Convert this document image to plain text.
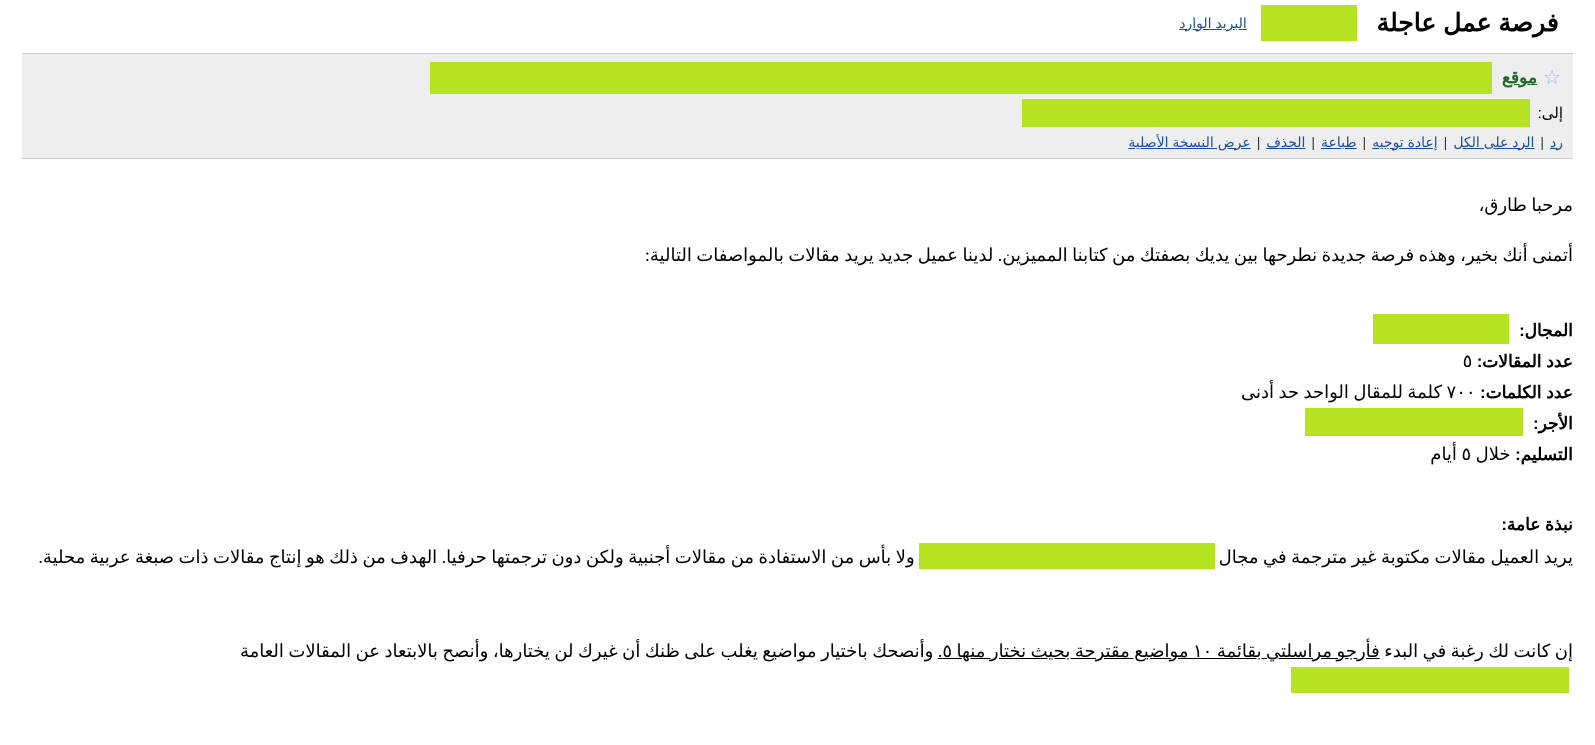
فرصة عمل عاجلة
البريد الوارد
☆
موقع
إلى:
رد
|
الرد على الكل
|
إعادة توجيه
|
طباعة
|
الحذف
|
عرض النسخة الأصلية

مرحبا طارق،

أتمنى أنك بخير، وهذه فرصة جديدة نطرحها بين يديك بصفتك من كتابنا المميزين. لدينا عميل جديد يريد مقالات بالمواصفات التالية:

المجال:

عدد المقالات: ٥

عدد الكلمات: ٧٠٠ كلمة للمقال الواحد حد أدنى

الأجر:

التسليم: خلال ٥ أيام

نبذة عامة:

يريد العميل مقالات مكتوبة غير مترجمة في مجالولا بأس من الاستفادة من مقالات أجنبية ولكن دون ترجمتها حرفيا. الهدف من ذلك هو إنتاج مقالات ذات صبغة عربية محلية.

إن كانت لك رغبة في البدء فأرجو مراسلتي بقائمة ١٠ مواضيع مقترحة بحيث نختار منها ٥. وأنصحك باختيار مواضيع يغلب على ظنك أن غيرك لن يختارها، وأنصح بالابتعاد عن المقالات العامة
